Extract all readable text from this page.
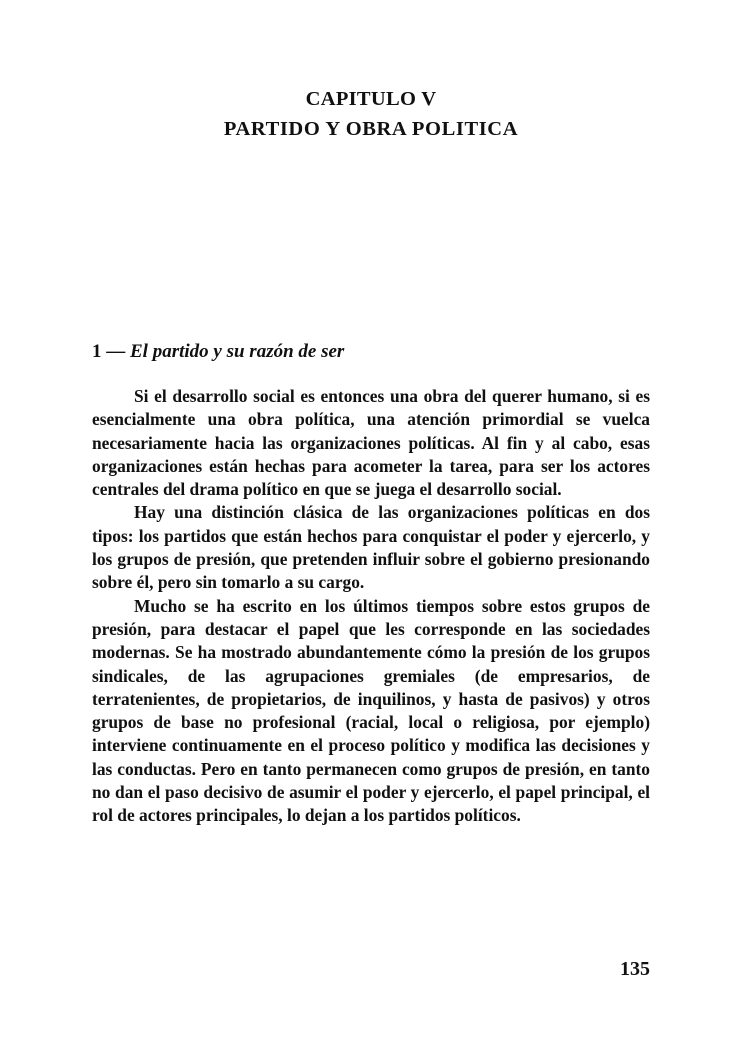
CAPITULO V
PARTIDO Y OBRA POLITICA
1 — El partido y su razón de ser

Si el desarrollo social es entonces una obra del querer humano, si es esencialmente una obra política, una atención primordial se vuelca necesariamente hacia las organizaciones políticas. Al fin y al cabo, esas organizaciones están hechas para acometer la tarea, para ser los actores centrales del drama político en que se juega el desarrollo social.

Hay una distinción clásica de las organizaciones políticas en dos tipos: los partidos que están hechos para conquistar el poder y ejercerlo, y los grupos de presión, que pretenden influir sobre el gobierno presionando sobre él, pero sin tomarlo a su cargo.

Mucho se ha escrito en los últimos tiempos sobre estos grupos de presión, para destacar el papel que les corresponde en las sociedades modernas. Se ha mostrado abundantemente cómo la presión de los grupos sindicales, de las agrupaciones gremiales (de empresarios, de terratenientes, de propietarios, de inquilinos, y hasta de pasivos) y otros grupos de base no profesional (racial, local o religiosa, por ejemplo) interviene continuamente en el proceso político y modifica las decisiones y las conductas. Pero en tanto permanecen como grupos de presión, en tanto no dan el paso decisivo de asumir el poder y ejercerlo, el papel principal, el rol de actores principales, lo dejan a los partidos políticos.

135
